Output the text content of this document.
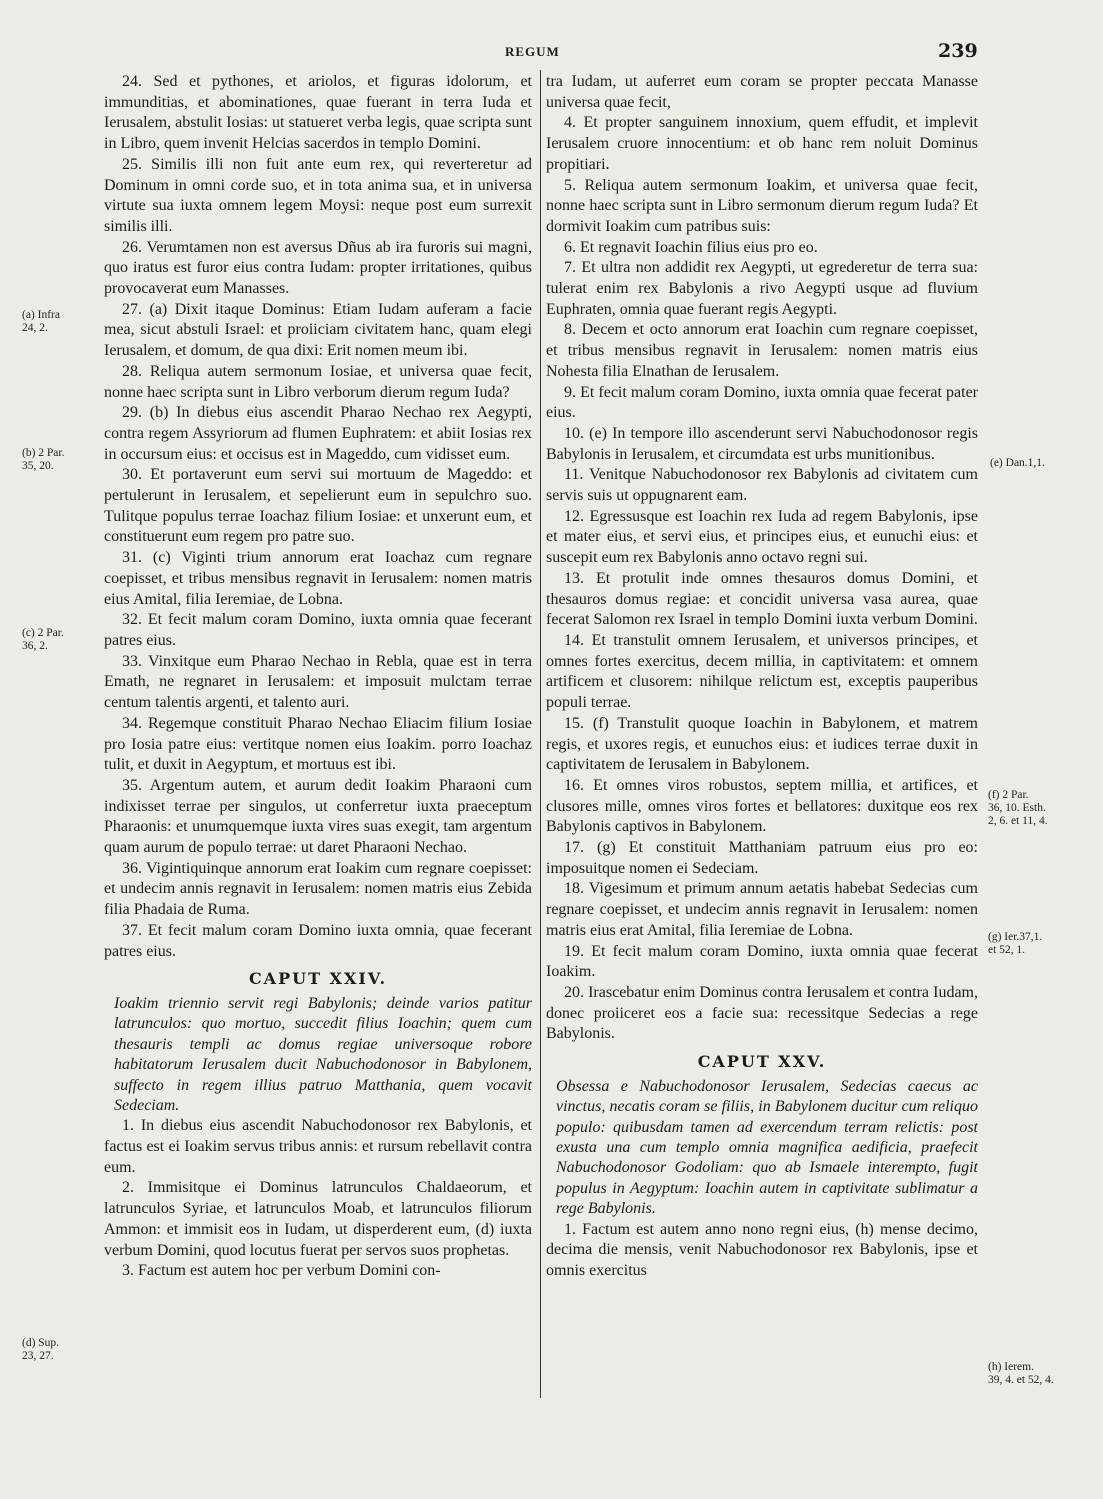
REGUM	239

24. Sed et pythones, et ariolos, et figuras idolorum, et immunditias, et abominationes, quae fuerant in terra Iuda et Ierusalem, abstulit Iosias: ut statueret verba legis, quae scripta sunt in Libro, quem invenit Helcias sacerdos in templo Domini.

25. Similis illi non fuit ante eum rex, qui reverteretur ad Dominum in omni corde suo, et in tota anima sua, et in universa virtute sua iuxta omnem legem Moysi: neque post eum surrexit similis illi.

26. Verumtamen non est aversus Dñus ab ira furoris sui magni, quo iratus est furor eius contra Iudam: propter irritationes, quibus provocaverat eum Manasses.

27. (a) Dixit itaque Dominus: Etiam Iudam auferam a facie mea, sicut abstuli Israel: et proiiciam civitatem hanc, quam elegi Ierusalem, et domum, de qua dixi: Erit nomen meum ibi.

28. Reliqua autem sermonum Iosiae, et universa quae fecit, nonne haec scripta sunt in Libro verborum dierum regum Iuda?

29. (b) In diebus eius ascendit Pharao Nechao rex Aegypti, contra regem Assyriorum ad flumen Euphratem: et abiit Iosias rex in occursum eius: et occisus est in Mageddo, cum vidisset eum.

30. Et portaverunt eum servi sui mortuum de Mageddo: et pertulerunt in Ierusalem, et sepelierunt eum in sepulchro suo. Tulitque populus terrae Ioachaz filium Iosiae: et unxerunt eum, et constituerunt eum regem pro patre suo.

31. (c) Viginti trium annorum erat Ioachaz cum regnare coepisset, et tribus mensibus regnavit in Ierusalem: nomen matris eius Amital, filia Ieremiae, de Lobna.

32. Et fecit malum coram Domino, iuxta omnia quae fecerant patres eius.

33. Vinxitque eum Pharao Nechao in Rebla, quae est in terra Emath, ne regnaret in Ierusalem: et imposuit mulctam terrae centum talentis argenti, et talento auri.

34. Regemque constituit Pharao Nechao Eliacim filium Iosiae pro Iosia patre eius: vertitque nomen eius Ioakim. porro Ioachaz tulit, et duxit in Aegyptum, et mortuus est ibi.

35. Argentum autem, et aurum dedit Ioakim Pharaoni cum indixisset terrae per singulos, ut conferretur iuxta praeceptum Pharaonis: et unumquemque iuxta vires suas exegit, tam argentum quam aurum de populo terrae: ut daret Pharaoni Nechao.

36. Vigintiquinque annorum erat Ioakim cum regnare coepisset: et undecim annis regnavit in Ierusalem: nomen matris eius Zebida filia Phadaia de Ruma.

37. Et fecit malum coram Domino iuxta omnia, quae fecerant patres eius.

CAPUT XXIV.

Ioakim triennio servit regi Babylonis; deinde varios patitur latrunculos: quo mortuo, succedit filius Ioachin; quem cum thesauris templi ac domus regiae universoque robore habitatorum Ierusalem ducit Nabuchodonosor in Babylonem, suffecto in regem illius patruo Matthania, quem vocavit Sedeciam.

1. In diebus eius ascendit Nabuchodonosor rex Babylonis, et factus est ei Ioakim servus tribus annis: et rursum rebellavit contra eum.

2. Immisitque ei Dominus latrunculos Chaldaeorum, et latrunculos Syriae, et latrunculos Moab, et latrunculos filiorum Ammon: et immisit eos in Iudam, ut disperderent eum, (d) iuxta verbum Domini, quod locutus fuerat per servos suos prophetas.

3. Factum est autem hoc per verbum Domini con-

tra Iudam, ut auferret eum coram se propter peccata Manasse universa quae fecit,

4. Et propter sanguinem innoxium, quem effudit, et implevit Ierusalem cruore innocentium: et ob hanc rem noluit Dominus propitiari.

5. Reliqua autem sermonum Ioakim, et universa quae fecit, nonne haec scripta sunt in Libro sermonum dierum regum Iuda? Et dormivit Ioakim cum patribus suis:

6. Et regnavit Ioachin filius eius pro eo.

7. Et ultra non addidit rex Aegypti, ut egrederetur de terra sua: tulerat enim rex Babylonis a rivo Aegypti usque ad fluvium Euphraten, omnia quae fuerant regis Aegypti.

8. Decem et octo annorum erat Ioachin cum regnare coepisset, et tribus mensibus regnavit in Ierusalem: nomen matris eius Nohesta filia Elnathan de Ierusalem.

9. Et fecit malum coram Domino, iuxta omnia quae fecerat pater eius.

10. (e) In tempore illo ascenderunt servi Nabuchodonosor regis Babylonis in Ierusalem, et circumdata est urbs munitionibus.

11. Venitque Nabuchodonosor rex Babylonis ad civitatem cum servis suis ut oppugnarent eam.

12. Egressusque est Ioachin rex Iuda ad regem Babylonis, ipse et mater eius, et servi eius, et principes eius, et eunuchi eius: et suscepit eum rex Babylonis anno octavo regni sui.

13. Et protulit inde omnes thesauros domus Domini, et thesauros domus regiae: et concidit universa vasa aurea, quae fecerat Salomon rex Israel in templo Domini iuxta verbum Domini.

14. Et transtulit omnem Ierusalem, et universos principes, et omnes fortes exercitus, decem millia, in captivitatem: et omnem artificem et clusorem: nihilque relictum est, exceptis pauperibus populi terrae.

15. (f) Transtulit quoque Ioachin in Babylonem, et matrem regis, et uxores regis, et eunuchos eius: et iudices terrae duxit in captivitatem de Ierusalem in Babylonem.

16. Et omnes viros robustos, septem millia, et artifices, et clusores mille, omnes viros fortes et bellatores: duxitque eos rex Babylonis captivos in Babylonem.

17. (g) Et constituit Matthaniam patruum eius pro eo: imposuitque nomen ei Sedeciam.

18. Vigesimum et primum annum aetatis habebat Sedecias cum regnare coepisset, et undecim annis regnavit in Ierusalem: nomen matris eius erat Amital, filia Ieremiae de Lobna.

19. Et fecit malum coram Domino, iuxta omnia quae fecerat Ioakim.

20. Irascebatur enim Dominus contra Ierusalem et contra Iudam, donec proiiceret eos a facie sua: recessitque Sedecias a rege Babylonis.

CAPUT XXV.

Obsessa e Nabuchodonosor Ierusalem, Sedecias caecus ac vinctus, necatis coram se filiis, in Babylonem ducitur cum reliquo populo: quibusdam tamen ad exercendum terram relictis: post exusta una cum templo omnia magnifica aedificia, praefecit Nabuchodonosor Godoliam: quo ab Ismaele interempto, fugit populus in Aegyptum: Ioachin autem in captivitate sublimatur a rege Babylonis.

1. Factum est autem anno nono regni eius, (h) mense decimo, decima die mensis, venit Nabuchodonosor rex Babylonis, ipse et omnis exercitus

(a) Infra
24, 2.
(b) 2 Par.
35, 20.
(c) 2 Par.
36, 2.
(d) Sup.
23, 27.
(e) Dan.1,1.
(f) 2 Par.
36, 10. Esth.
2, 6. et 11, 4.
(g) Ier.37,1.
et 52, 1.
(h) Ierem.
39, 4. et 52, 4.
